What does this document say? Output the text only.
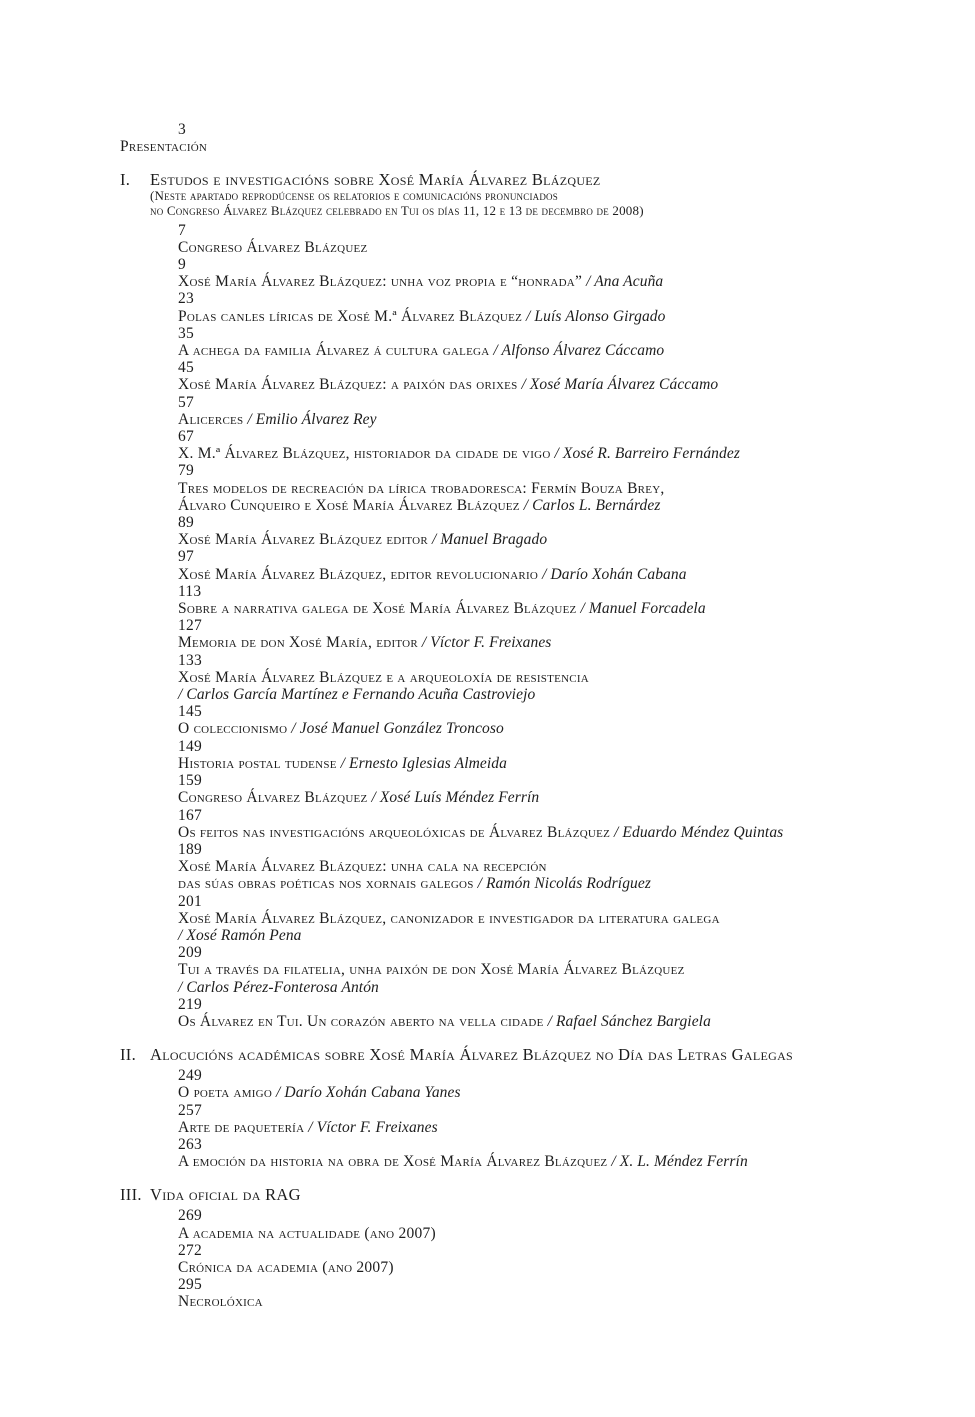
3
Presentación
I. Estudos e investigacións sobre Xosé María Álvarez Blázquez
(Neste apartado reprodúcense os relatorios e comunicacións pronunciados
no Congreso Álvarez Blázquez celebrado en Tui os días 11, 12 e 13 de decembro de 2008)
7
Congreso Álvarez Blázquez
9
Xosé María Álvarez Blázquez: unha voz propia e “honrada” / Ana Acuña
23
Polas canles líricas de Xosé M.ª Álvarez Blázquez / Luís Alonso Girgado
35
A achega da familia Álvarez á cultura galega / Alfonso Álvarez Cáccamo
45
Xosé María Álvarez Blázquez: a paixón das orixes / Xosé María Álvarez Cáccamo
57
Alicerces / Emilio Álvarez Rey
67
X. M.ª Álvarez Blázquez, historiador da cidade de vigo / Xosé R. Barreiro Fernández
79
Tres modelos de recreación da lírica trobadoresca: Fermín Bouza Brey,
Álvaro Cunqueiro e Xosé María Álvarez Blázquez / Carlos L. Bernárdez
89
Xosé María Álvarez Blázquez editor / Manuel Bragado
97
Xosé María Álvarez Blázquez, editor revolucionario / Darío Xohán Cabana
113
Sobre a narrativa galega de Xosé María Álvarez Blázquez / Manuel Forcadela
127
Memoria de don Xosé María, editor / Víctor F. Freixanes
133
Xosé María Álvarez Blázquez e a arqueoloxía de resistencia
/ Carlos García Martínez e Fernando Acuña Castroviejo
145
O coleccionismo / José Manuel González Troncoso
149
Historia postal tudense / Ernesto Iglesias Almeida
159
Congreso Álvarez Blázquez / Xosé Luís Méndez Ferrín
167
Os feitos nas investigacións arqueolóxicas de Álvarez Blázquez / Eduardo Méndez Quintas
189
Xosé María Álvarez Blázquez: unha cala na recepción
das súas obras poéticas nos xornais galegos / Ramón Nicolás Rodríguez
201
Xosé María Álvarez Blázquez, canonizador e investigador da literatura galega
/ Xosé Ramón Pena
209
Tui a través da filatelia, unha paixón de don Xosé María Álvarez Blázquez
/ Carlos Pérez-Fonterosa Antón
219
Os Álvarez en Tui. Un corazón aberto na vella cidade / Rafael Sánchez Bargiela
II. Alocucións académicas sobre Xosé María Álvarez Blázquez no Día das Letras Galegas
249
O poeta amigo / Darío Xohán Cabana Yanes
257
Arte de paquetería / Víctor F. Freixanes
263
A emoción da historia na obra de Xosé María Álvarez Blázquez / X. L. Méndez Ferrín
III. Vida oficial da RAG
269
A academia na actualidade (ano 2007)
272
Crónica da academia (ano 2007)
295
Necrolóxica
